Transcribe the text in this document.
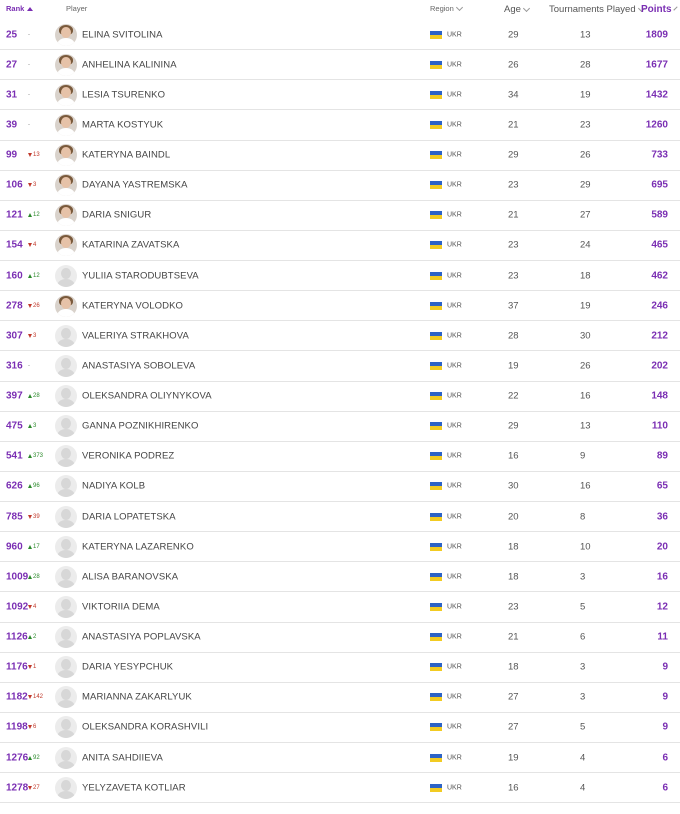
Rank	Player	Region	Age	Tournaments Played Points
25 -	ELINA SVITOLINA	UKR	29	13	1809
27 -	ANHELINA KALININA	UKR	26	28	1677
31 -	LESIA TSURENKO	UKR	34	19	1432
39 -	MARTA KOSTYUK	UKR	21	23	1260
99	13	KATERYNA BAINDL	UKR	29	26	733
106 3	DAYANA YASTREMSKA	UKR	23	29	695
121 12	DARIA SNIGUR	UKR	21	27	589
154 4	KATARINA ZAVATSKA	UKR	23	24	465
160 12	YULIIA STARODUBTSEVA	UKR	23	18	462
278 26	KATERYNA VOLODKO	UKR	37	19	246
307 3	VALERIYA STRAKHOVA	UKR	28	30	212
316 -	ANASTASIYA SOBOLEVA	UKR	19	26	202
397 28	OLEKSANDRA OLIYNYKOVA	UKR	22	16	148
475 3	GANNA POZNIKHIRENKO	UKR	29	13	110
541 373	VERONIKA PODREZ	UKR	16	9	89
626 96	NADIYA KOLB	UKR	30	16	65
785 39	DARIA LOPATETSKA	UKR	20	8	36
960 17	KATERYNA LAZARENKO	UKR	18	10	20
1009 28	ALISA BARANOVSKA	UKR	18	3	16
1092 4	VIKTORIIA DEMA	UKR	23	5	12
1126 2	ANASTASIYA POPLAVSKA	UKR	21	6	11
1176 1	DARIA YESYPCHUK	UKR	18	3	9
1182 142	MARIANNA ZAKARLYUK	UKR	27	3	9
1198 6	OLEKSANDRA KORASHVILI	UKR	27	5	9
1276 92	ANITA SAHDIIEVA	UKR	19	4	6
1278 27	YELYZAVETA KOTLIAR	UKR	16	4	6
